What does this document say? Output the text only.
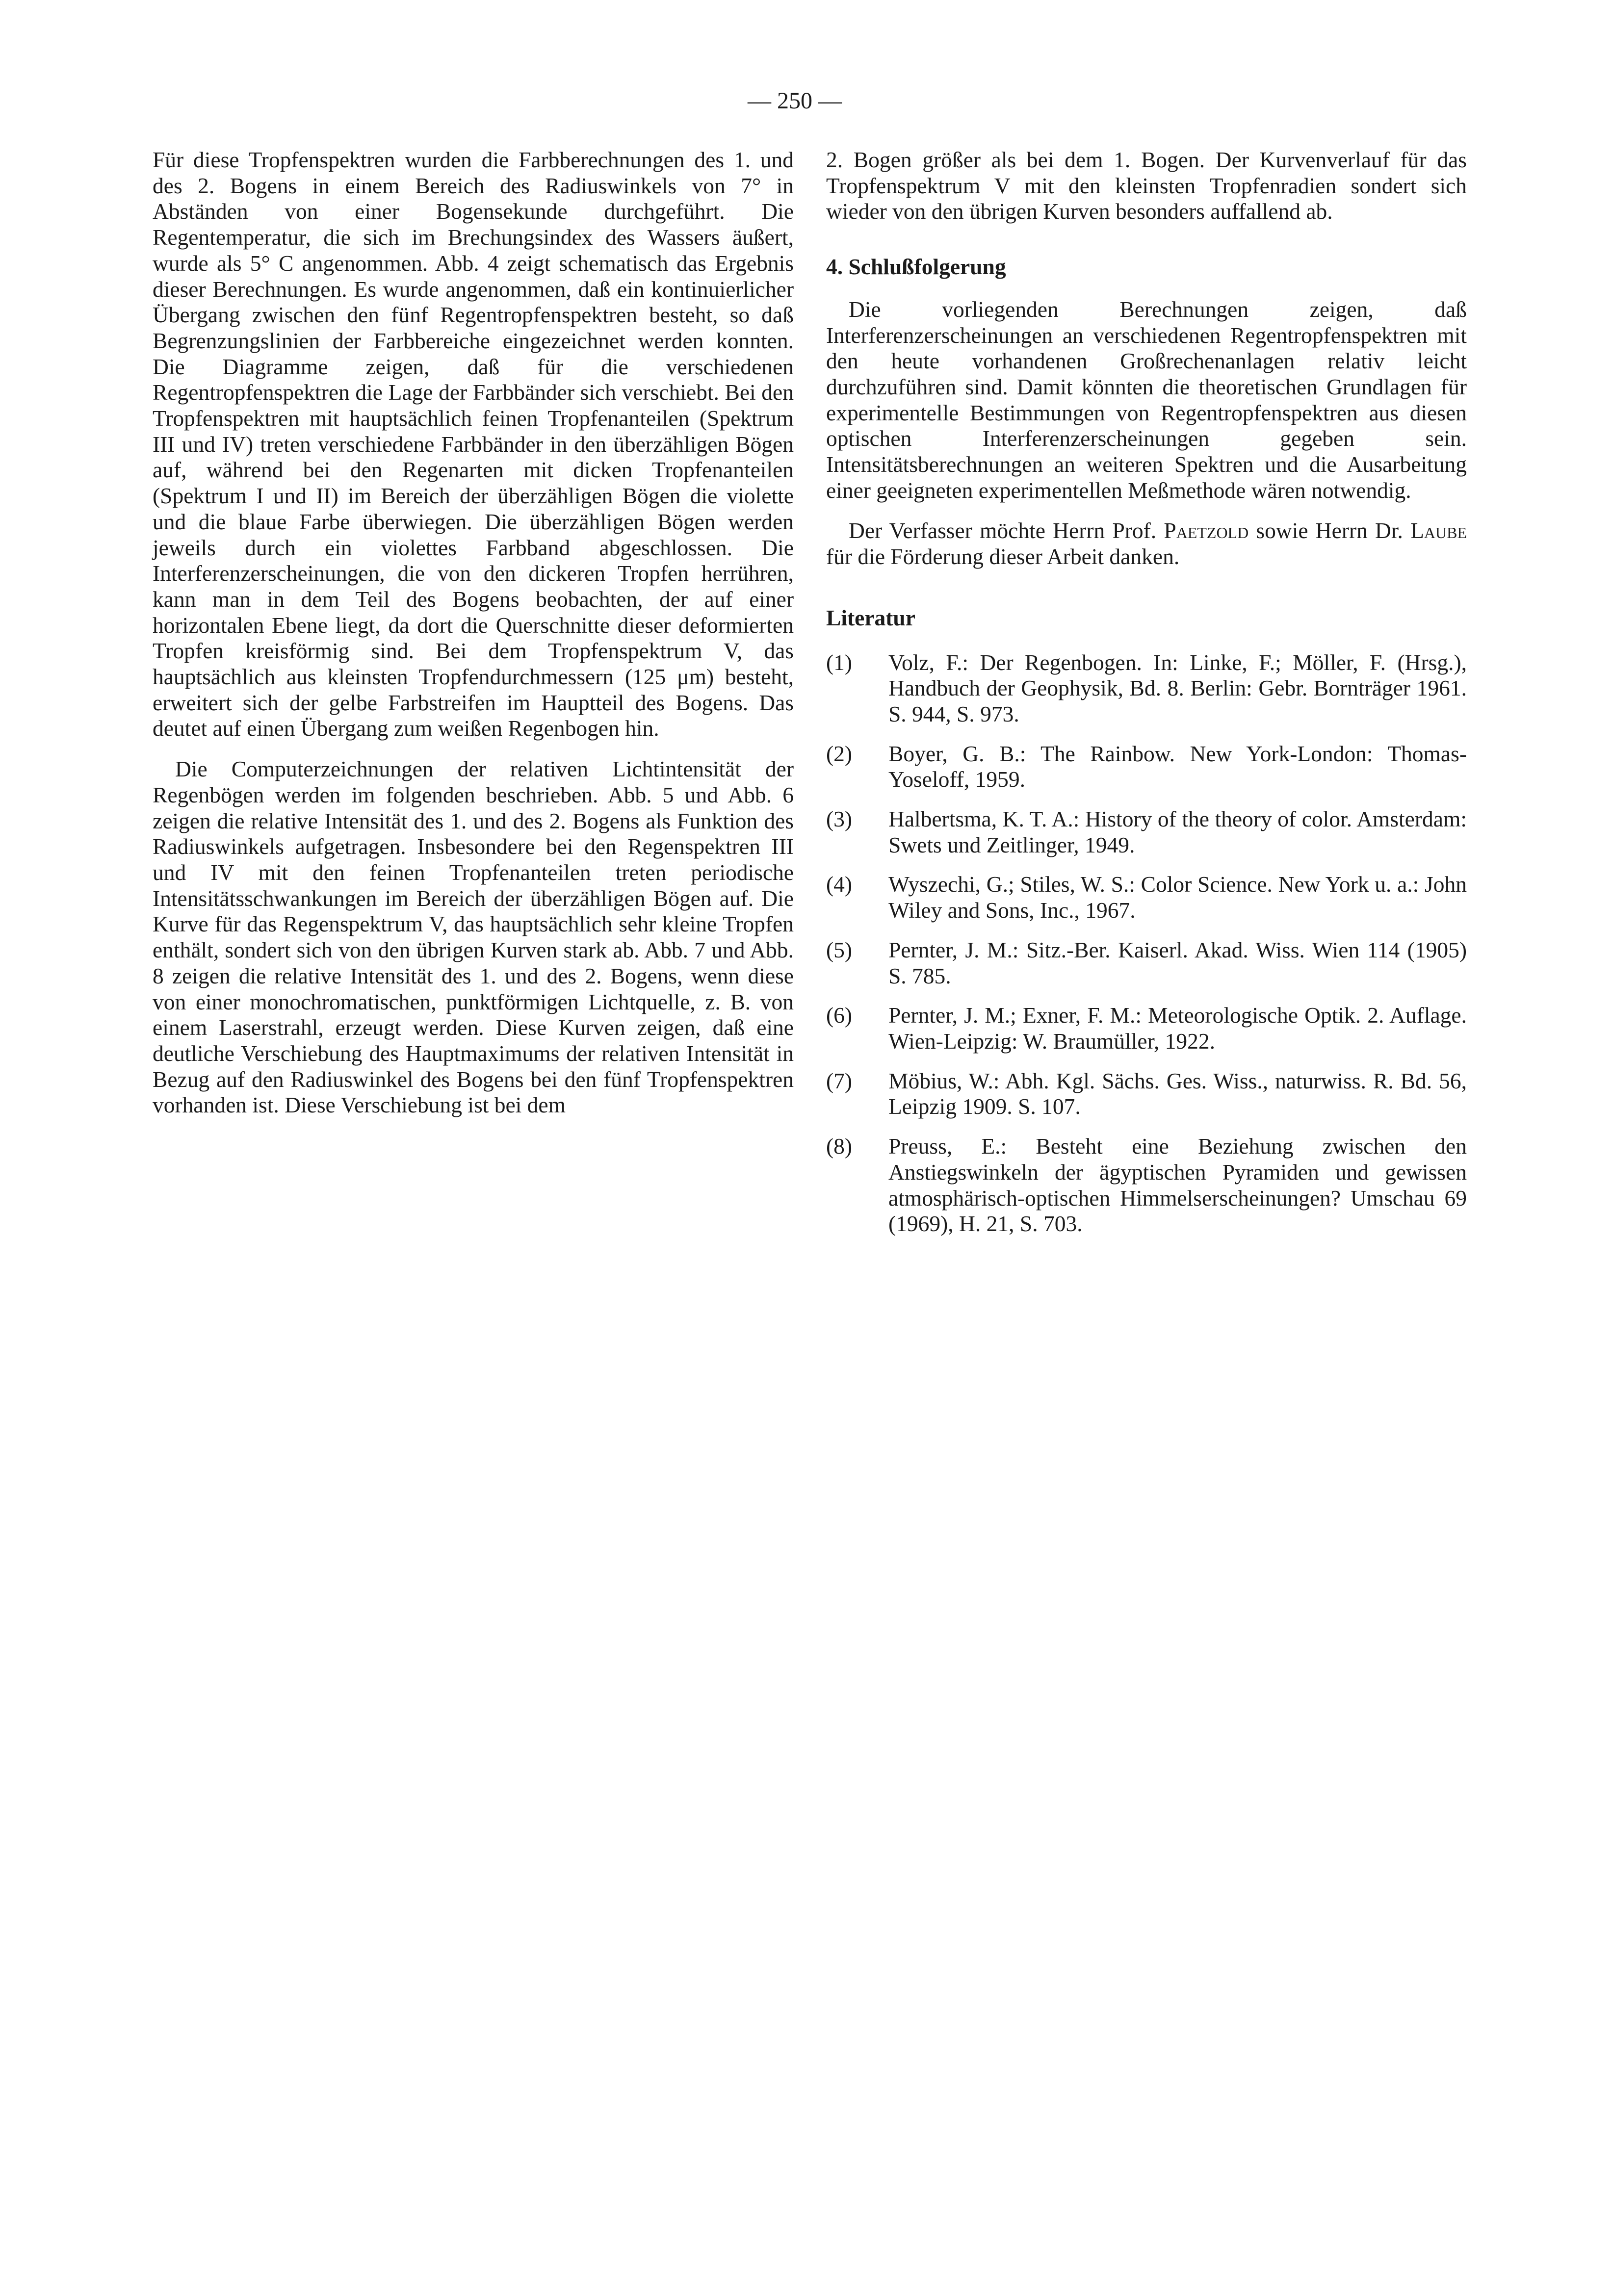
— 250 —

Für diese Tropfenspektren wurden die Farbberechnungen des 1. und des 2. Bogens in einem Bereich des Radiuswinkels von 7° in Abständen von einer Bogensekunde durchgeführt. Die Regentemperatur, die sich im Brechungsindex des Wassers äußert, wurde als 5° C angenommen. Abb. 4 zeigt schematisch das Ergebnis dieser Berechnungen. Es wurde angenommen, daß ein kontinuierlicher Übergang zwischen den fünf Regentropfenspektren besteht, so daß Begrenzungslinien der Farbbereiche eingezeichnet werden konnten. Die Diagramme zeigen, daß für die verschiedenen Regentropfenspektren die Lage der Farbbänder sich verschiebt. Bei den Tropfenspektren mit hauptsächlich feinen Tropfenanteilen (Spektrum III und IV) treten verschiedene Farbbänder in den überzähligen Bögen auf, während bei den Regenarten mit dicken Tropfenanteilen (Spektrum I und II) im Bereich der überzähligen Bögen die violette und die blaue Farbe überwiegen. Die überzähligen Bögen werden jeweils durch ein violettes Farbband abgeschlossen. Die Interferenzerscheinungen, die von den dickeren Tropfen herrühren, kann man in dem Teil des Bogens beobachten, der auf einer horizontalen Ebene liegt, da dort die Querschnitte dieser deformierten Tropfen kreisförmig sind. Bei dem Tropfenspektrum V, das hauptsächlich aus kleinsten Tropfendurchmessern (125 μm) besteht, erweitert sich der gelbe Farbstreifen im Hauptteil des Bogens. Das deutet auf einen Übergang zum weißen Regenbogen hin.

Die Computerzeichnungen der relativen Lichtintensität der Regenbögen werden im folgenden beschrieben. Abb. 5 und Abb. 6 zeigen die relative Intensität des 1. und des 2. Bogens als Funktion des Radiuswinkels aufgetragen. Insbesondere bei den Regenspektren III und IV mit den feinen Tropfenanteilen treten periodische Intensitätsschwankungen im Bereich der überzähligen Bögen auf. Die Kurve für das Regenspektrum V, das hauptsächlich sehr kleine Tropfen enthält, sondert sich von den übrigen Kurven stark ab. Abb. 7 und Abb. 8 zeigen die relative Intensität des 1. und des 2. Bogens, wenn diese von einer monochromatischen, punktförmigen Lichtquelle, z. B. von einem Laserstrahl, erzeugt werden. Diese Kurven zeigen, daß eine deutliche Verschiebung des Hauptmaximums der relativen Intensität in Bezug auf den Radiuswinkel des Bogens bei den fünf Tropfenspektren vorhanden ist. Diese Verschiebung ist bei dem

2. Bogen größer als bei dem 1. Bogen. Der Kurvenverlauf für das Tropfenspektrum V mit den kleinsten Tropfenradien sondert sich wieder von den übrigen Kurven besonders auffallend ab.

4. Schlußfolgerung

Die vorliegenden Berechnungen zeigen, daß Interferenzerscheinungen an verschiedenen Regentropfenspektren mit den heute vorhandenen Großrechenanlagen relativ leicht durchzuführen sind. Damit könnten die theoretischen Grundlagen für experimentelle Bestimmungen von Regentropfenspektren aus diesen optischen Interferenzerscheinungen gegeben sein. Intensitätsberechnungen an weiteren Spektren und die Ausarbeitung einer geeigneten experimentellen Meßmethode wären notwendig.

Der Verfasser möchte Herrn Prof. Paetzold sowie Herrn Dr. Laube für die Förderung dieser Arbeit danken.

Literatur

(1) Volz, F.: Der Regenbogen. In: Linke, F.; Möller, F. (Hrsg.), Handbuch der Geophysik, Bd. 8. Berlin: Gebr. Bornträger 1961. S. 944, S. 973.
(2) Boyer, G. B.: The Rainbow. New York-London: Thomas-Yoseloff, 1959.
(3) Halbertsma, K. T. A.: History of the theory of color. Amsterdam: Swets und Zeitlinger, 1949.
(4) Wyszechi, G.; Stiles, W. S.: Color Science. New York u. a.: John Wiley and Sons, Inc., 1967.
(5) Pernter, J. M.: Sitz.-Ber. Kaiserl. Akad. Wiss. Wien 114 (1905) S. 785.
(6) Pernter, J. M.; Exner, F. M.: Meteorologische Optik. 2. Auflage. Wien-Leipzig: W. Braumüller, 1922.
(7) Möbius, W.: Abh. Kgl. Sächs. Ges. Wiss., naturwiss. R. Bd. 56, Leipzig 1909. S. 107.
(8) Preuss, E.: Besteht eine Beziehung zwischen den Anstiegswinkeln der ägyptischen Pyramiden und gewissen atmosphärisch-optischen Himmelserscheinungen? Umschau 69 (1969), H. 21, S. 703.
